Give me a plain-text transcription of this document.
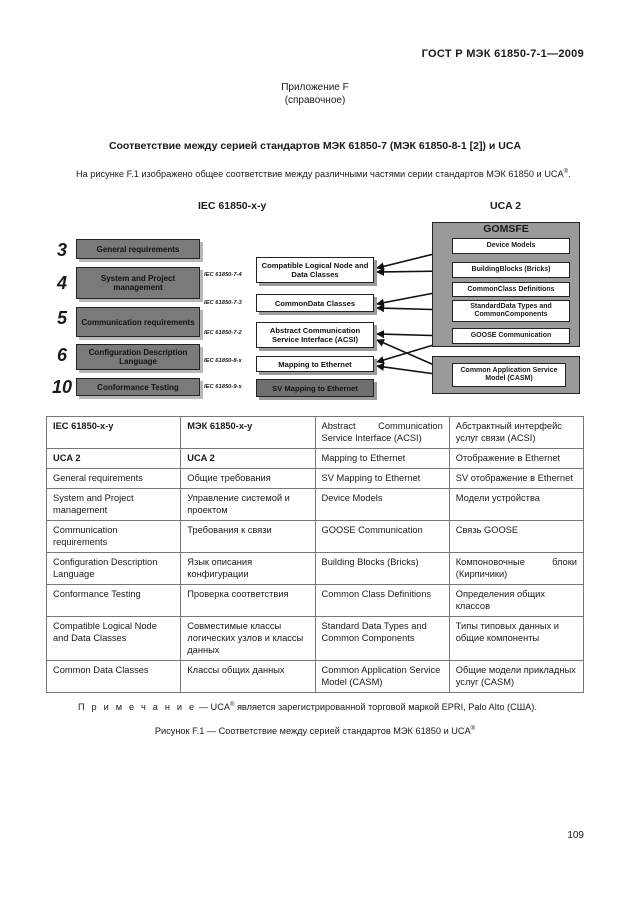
ГОСТ Р МЭК 61850-7-1—2009
Приложение F
(справочное)
Соответствие между серией стандартов МЭК 61850-7 (МЭК 61850-8-1 [2]) и UCA
На рисунке F.1 изображено общее соответствие между различными частями серии стандартов МЭК 61850 и UCA®.
IEC 61850-x-y	UCA 2
3
4
5
6
10
General requirements
System and Project management
Communication requirements
Configuration Description Language
Conformance Testing
IEC 61850-7-4
IEC 61850-7-3
IEC 61850-7-2
IEC 61850-8-x
IEC 61850-9-x
Compatible Logical Node and Data Classes
CommonData Classes
Abstract Communication Service Interface (ACSI)
Mapping to Ethernet
SV Mapping to Ethernet
GOMSFE
Device Models
BuildingBlocks (Bricks)
CommonClass Definitions
StandardData Types and CommonComponents
GOOSE Communication
Common Application Service Model (CASM)
IEC 61850-x-y	МЭК 61850-x-y	Abstract Communication Service Interface (ACSI)	Абстрактный интерфейс услуг связи (ACSI)
UCA 2	UCA 2	Mapping to Ethernet	Отображение в Ethernet
General requirements	Общие требования	SV Mapping to Ethernet	SV отображение в Ethernet
System and Project management	Управление системой и проектом	Device Models	Модели устройства
Communication requirements	Требования к связи	GOOSE Communication	Связь GOOSE
Configuration Description Language	Язык описания конфигурации	Building Blocks (Bricks)	Компоновочные блоки (Кирпичики)
Conformance Testing	Проверка соответствия	Common Class Definitions	Определения общих классов
Compatible Logical Node and Data Classes	Совместимые классы логических узлов и классы данных	Standard Data Types and Common Components	Типы типовых данных и общие компоненты
Common Data Classes	Классы общих данных	Common Application Service Model (CASM)	Общие модели прикладных услуг (CASM)
П р и м е ч а н и е — UCA® является зарегистрированной торговой маркой EPRI, Palo Alto (США).
Рисунок F.1 — Соответствие между серией стандартов МЭК 61850 и UCA®
109
